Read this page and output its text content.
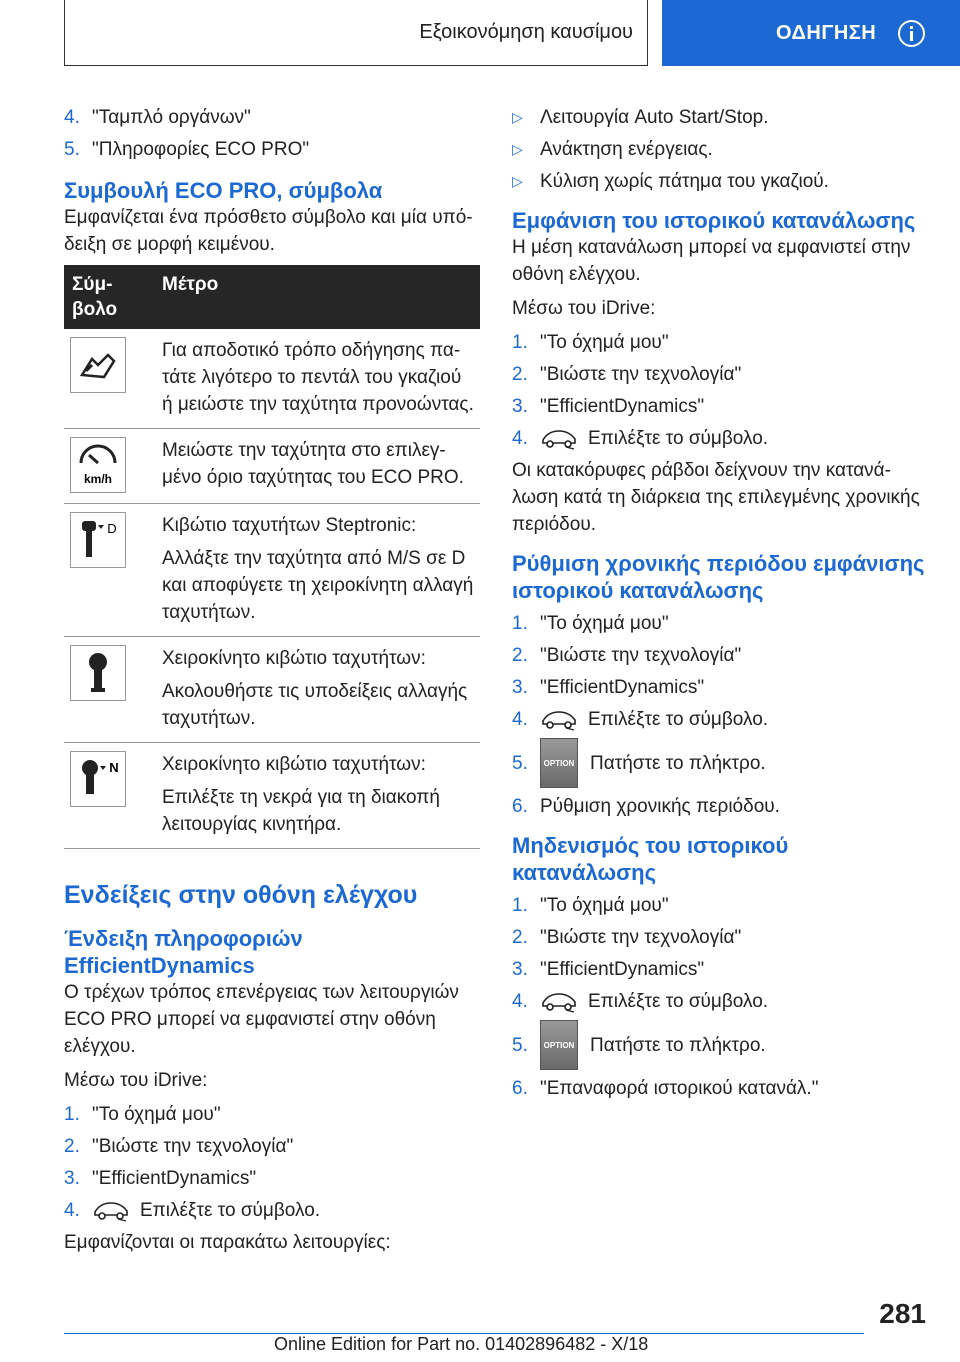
Εξοικονόμηση καυσίμου	ΟΔΗΓΗΣΗ
4. "Ταμπλό οργάνων"
5. "Πληροφορίες ECO PRO"
Συμβουλή ECO PRO, σύμβολα
Εμφανίζεται ένα πρόσθετο σύμβολο και μία υπόδειξη σε μορφή κειμένου.
Σύμβολο	Μέτρο

Για αποδοτικό τρόπο οδήγησης πατάτε λιγότερο το πεντάλ του γκαζιού ή μειώστε την ταχύτητα προνοώντας.

km/h	Μειώστε την ταχύτητα στο επιλεγμένο όριο ταχύτητας του ECO PRO.

D	Κιβώτιο ταχυτήτων Steptronic:
Αλλάξτε την ταχύτητα από M/S σε D και αποφύγετε τη χειροκίνητη αλλαγή ταχυτήτων.

Χειροκίνητο κιβώτιο ταχυτήτων:
Ακολουθήστε τις υποδείξεις αλλαγής ταχυτήτων.

N	Χειροκίνητο κιβώτιο ταχυτήτων:
Επιλέξτε τη νεκρά για τη διακοπή λειτουργίας κινητήρα.
Ενδείξεις στην οθόνη ελέγχου
Ένδειξη πληροφοριών EfficientDynamics
Ο τρέχων τρόπος επενέργειας των λειτουργιών ECO PRO μπορεί να εμφανιστεί στην οθόνη ελέγχου.
Μέσω του iDrive:
1. "Το όχημά μου"
2. "Βιώστε την τεχνολογία"
3. "EfficientDynamics"
4.	Επιλέξτε το σύμβολο.
Εμφανίζονται οι παρακάτω λειτουργίες:
▷ Λειτουργία Auto Start/Stop.
▷ Ανάκτηση ενέργειας.
▷ Κύλιση χωρίς πάτημα του γκαζιού.
Εμφάνιση του ιστορικού κατανάλωσης
Η μέση κατανάλωση μπορεί να εμφανιστεί στην οθόνη ελέγχου.
Μέσω του iDrive:
1. "Το όχημά μου"
2. "Βιώστε την τεχνολογία"
3. "EfficientDynamics"
4.	Επιλέξτε το σύμβολο.
Οι κατακόρυφες ράβδοι δείχνουν την κατανάλωση κατά τη διάρκεια της επιλεγμένης χρονικής περιόδου.
Ρύθμιση χρονικής περιόδου εμφάνισης ιστορικού κατανάλωσης
1. "Το όχημά μου"
2. "Βιώστε την τεχνολογία"
3. "EfficientDynamics"
4.	Επιλέξτε το σύμβολο.
5.	OPTION Πατήστε το πλήκτρο.
6. Ρύθμιση χρονικής περιόδου.
Μηδενισμός του ιστορικού κατανάλωσης
1. "Το όχημά μου"
2. "Βιώστε την τεχνολογία"
3. "EfficientDynamics"
4.	Επιλέξτε το σύμβολο.
5.	OPTION Πατήστε το πλήκτρο.
6. "Επαναφορά ιστορικού κατανάλ."
281
Online Edition for Part no. 01402896482 - X/18
